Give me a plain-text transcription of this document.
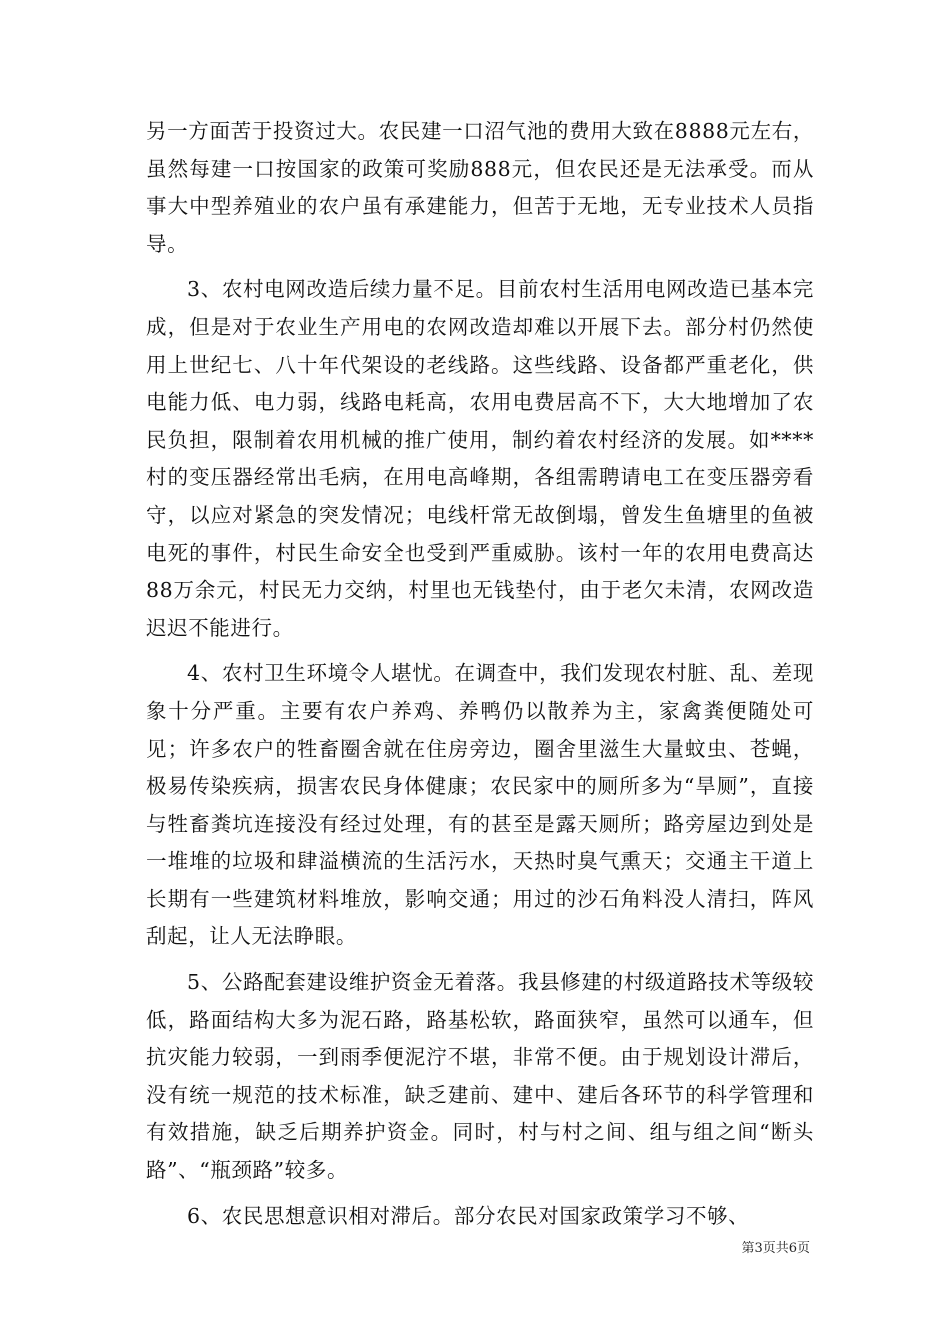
另一方面苦于投资过大。农民建一口沼气池的费用大致在8888元左右，虽然每建一口按国家的政策可奖励888元，但农民还是无法承受。而从事大中型养殖业的农户虽有承建能力，但苦于无地，无专业技术人员指导。

3、农村电网改造后续力量不足。目前农村生活用电网改造已基本完成，但是对于农业生产用电的农网改造却难以开展下去。部分村仍然使用上世纪七、八十年代架设的老线路。这些线路、设备都严重老化，供电能力低、电力弱，线路电耗高，农用电费居高不下，大大地增加了农民负担，限制着农用机械的推广使用，制约着农村经济的发展。如****村的变压器经常出毛病，在用电高峰期，各组需聘请电工在变压器旁看守，以应对紧急的突发情况；电线杆常无故倒塌，曾发生鱼塘里的鱼被电死的事件，村民生命安全也受到严重威胁。该村一年的农用电费高达88万余元，村民无力交纳，村里也无钱垫付，由于老欠未清，农网改造迟迟不能进行。

4、农村卫生环境令人堪忧。在调查中，我们发现农村脏、乱、差现象十分严重。主要有农户养鸡、养鸭仍以散养为主，家禽粪便随处可见；许多农户的牲畜圈舍就在住房旁边，圈舍里滋生大量蚊虫、苍蝇，极易传染疾病，损害农民身体健康；农民家中的厕所多为“旱厕”，直接与牲畜粪坑连接没有经过处理，有的甚至是露天厕所；路旁屋边到处是一堆堆的垃圾和肆溢横流的生活污水，天热时臭气熏天；交通主干道上长期有一些建筑材料堆放，影响交通；用过的沙石角料没人清扫，阵风刮起，让人无法睁眼。

5、公路配套建设维护资金无着落。我县修建的村级道路技术等级较低，路面结构大多为泥石路，路基松软，路面狭窄，虽然可以通车，但抗灾能力较弱，一到雨季便泥泞不堪，非常不便。由于规划设计滞后，没有统一规范的技术标准，缺乏建前、建中、建后各环节的科学管理和有效措施，缺乏后期养护资金。同时，村与村之间、组与组之间“断头路”、“瓶颈路”较多。

6、农民思想意识相对滞后。部分农民对国家政策学习不够、

第3页共6页
